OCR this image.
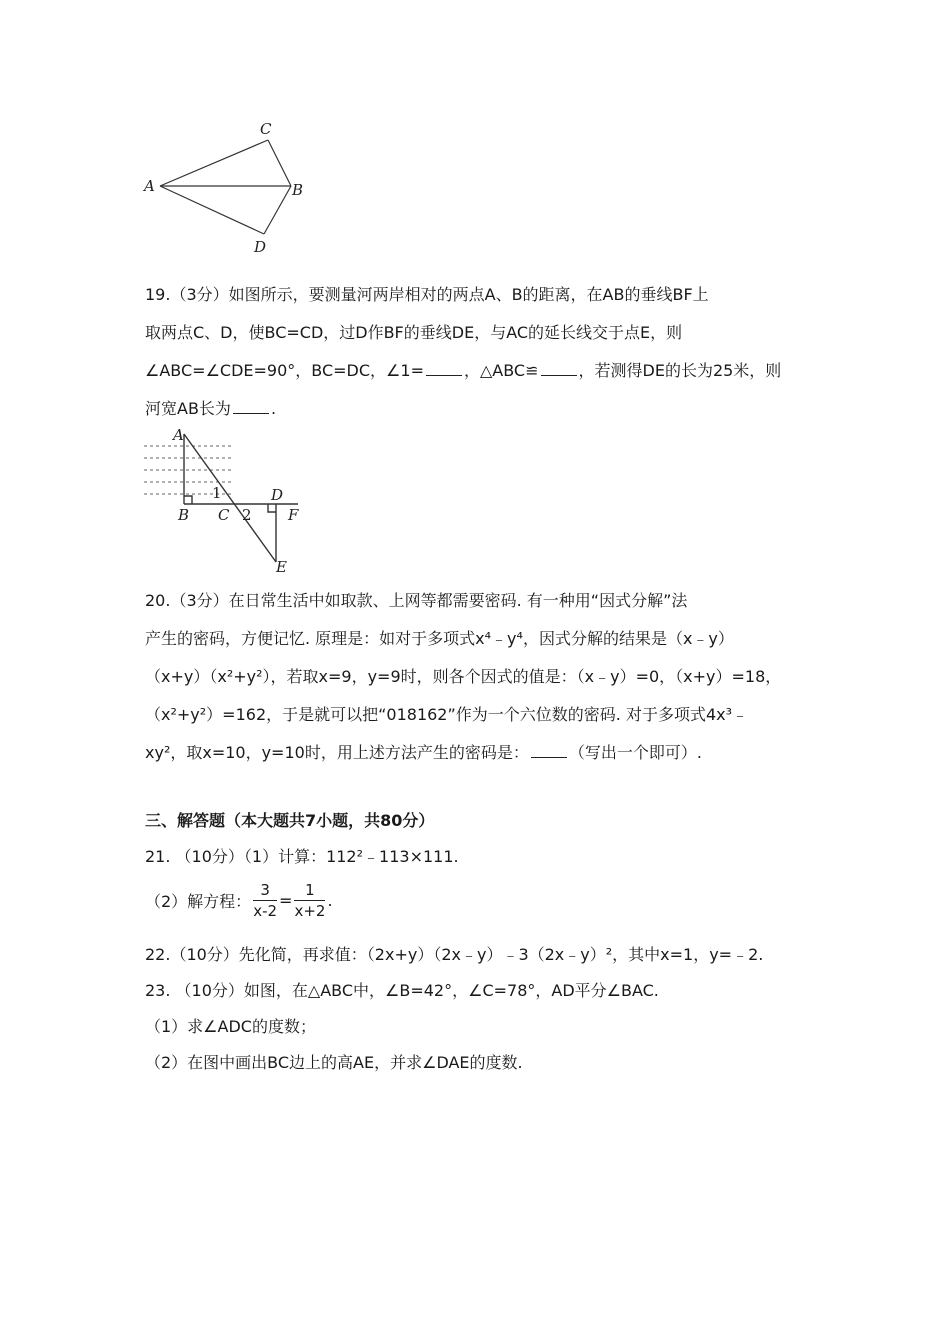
A	B
C
D
19.（3分）如图所示，要测量河两岸相对的两点A、B的距离，在AB的垂线BF上
取两点C、D，使BC=CD，过D作BF的垂线DE，与AC的延长线交于点E，则
∠ABC=∠CDE=90°，BC=DC，∠1=	，△ABC≌	，若测得DE的长为25米，则
河宽AB长为	.
A
B C
D
E
F
1
2
20.（3分）在日常生活中如取款、上网等都需要密码. 有一种用“因式分解”法
产生的密码，方便记忆. 原理是：如对于多项式x⁴﹣y⁴，因式分解的结果是（x﹣y）
（x+y）（x²+y²），若取x=9，y=9时，则各个因式的值是：（x﹣y）=0，（x+y）=18，
（x²+y²）=162，于是就可以把“018162”作为一个六位数的密码. 对于多项式4x³﹣
xy²，取x=10，y=10时，用上述方法产生的密码是：	（写出一个即可）.
三、解答题（本大题共7小题，共80分）
21. （10分）（1）计算：112²﹣113×111.
（2）解方程： $\frac{3}{x-2} = \frac{1}{x+2}$ .
22.（10分）先化简，再求值：（2x+y）（2x﹣y）﹣3（2x﹣y）²，其中x=1，y=﹣2.
23. （10分）如图，在△ABC中，∠B=42°，∠C=78°，AD平分∠BAC.
（1）求∠ADC的度数；
（2）在图中画出BC边上的高AE，并求∠DAE的度数.
